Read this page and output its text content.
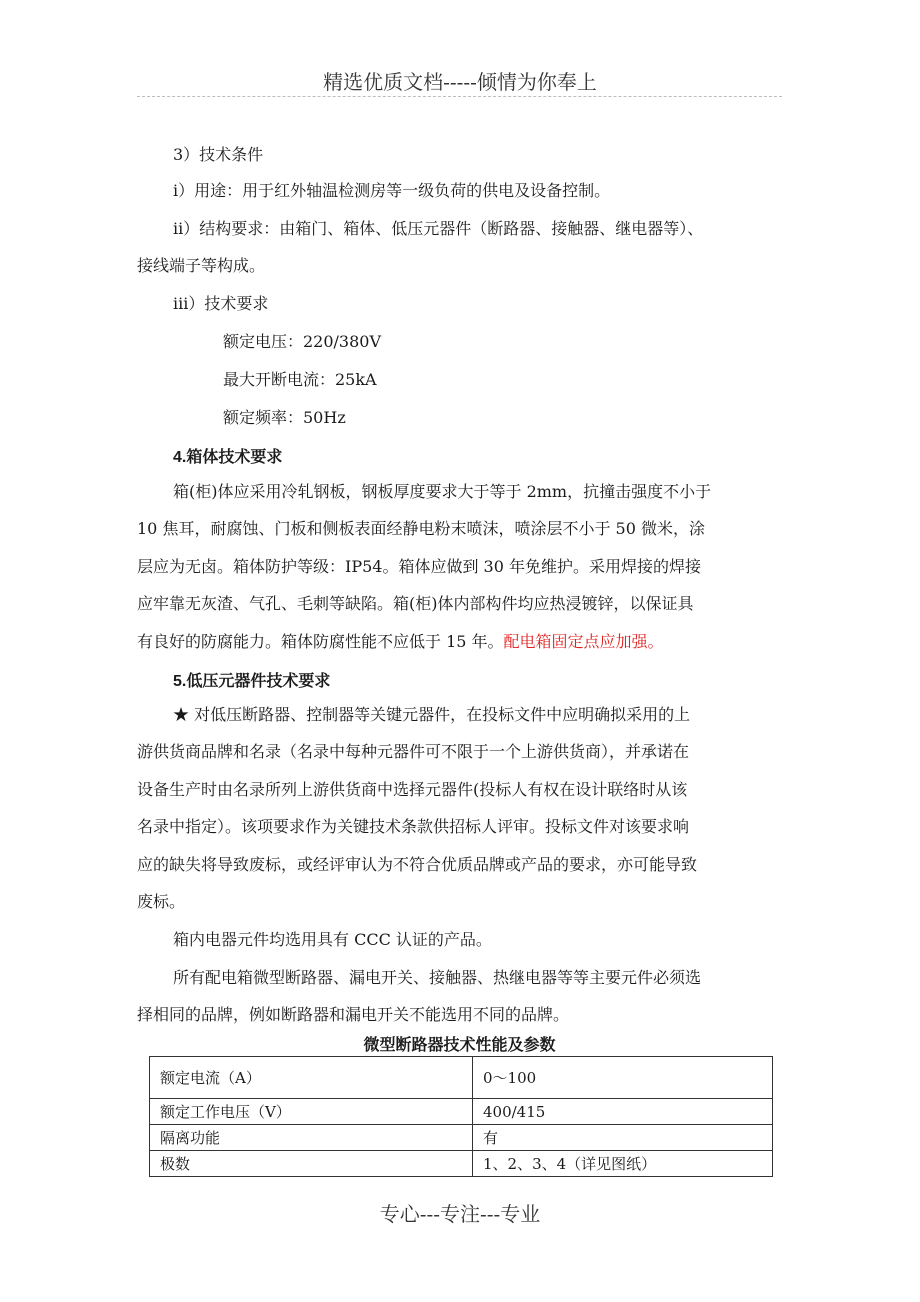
精选优质文档-----倾情为你奉上
3）技术条件
i）用途：用于红外轴温检测房等一级负荷的供电及设备控制。
ii）结构要求：由箱门、箱体、低压元器件（断路器、接触器、继电器等）、
接线端子等构成。
iii）技术要求
额定电压：220/380V
最大开断电流：25kA
额定频率：50Hz
4.箱体技术要求
箱(柜)体应采用冷轧钢板，钢板厚度要求大于等于 2mm，抗撞击强度不小于
10 焦耳，耐腐蚀、门板和侧板表面经静电粉末喷沫，喷涂层不小于 50 微米，涂
层应为无卤。箱体防护等级：IP54。箱体应做到 30 年免维护。采用焊接的焊接
应牢靠无灰渣、气孔、毛刺等缺陷。箱(柜)体内部构件均应热浸镀锌，以保证具
有良好的防腐能力。箱体防腐性能不应低于 15 年。配电箱固定点应加强。
5.低压元器件技术要求
★ 对低压断路器、控制器等关键元器件，在投标文件中应明确拟采用的上
游供货商品牌和名录（名录中每种元器件可不限于一个上游供货商），并承诺在
设备生产时由名录所列上游供货商中选择元器件(投标人有权在设计联络时从该
名录中指定）。该项要求作为关键技术条款供招标人评审。投标文件对该要求响
应的缺失将导致废标，或经评审认为不符合优质品牌或产品的要求，亦可能导致
废标。
箱内电器元件均选用具有 CCC 认证的产品。
所有配电箱微型断路器、漏电开关、接触器、热继电器等等主要元件必须选
择相同的品牌，例如断路器和漏电开关不能选用不同的品牌。
微型断路器技术性能及参数
额定电流（A）	0～100
额定工作电压（V）	400/415
隔离功能	有
极数	1、2、3、4（详见图纸）
专心---专注---专业
